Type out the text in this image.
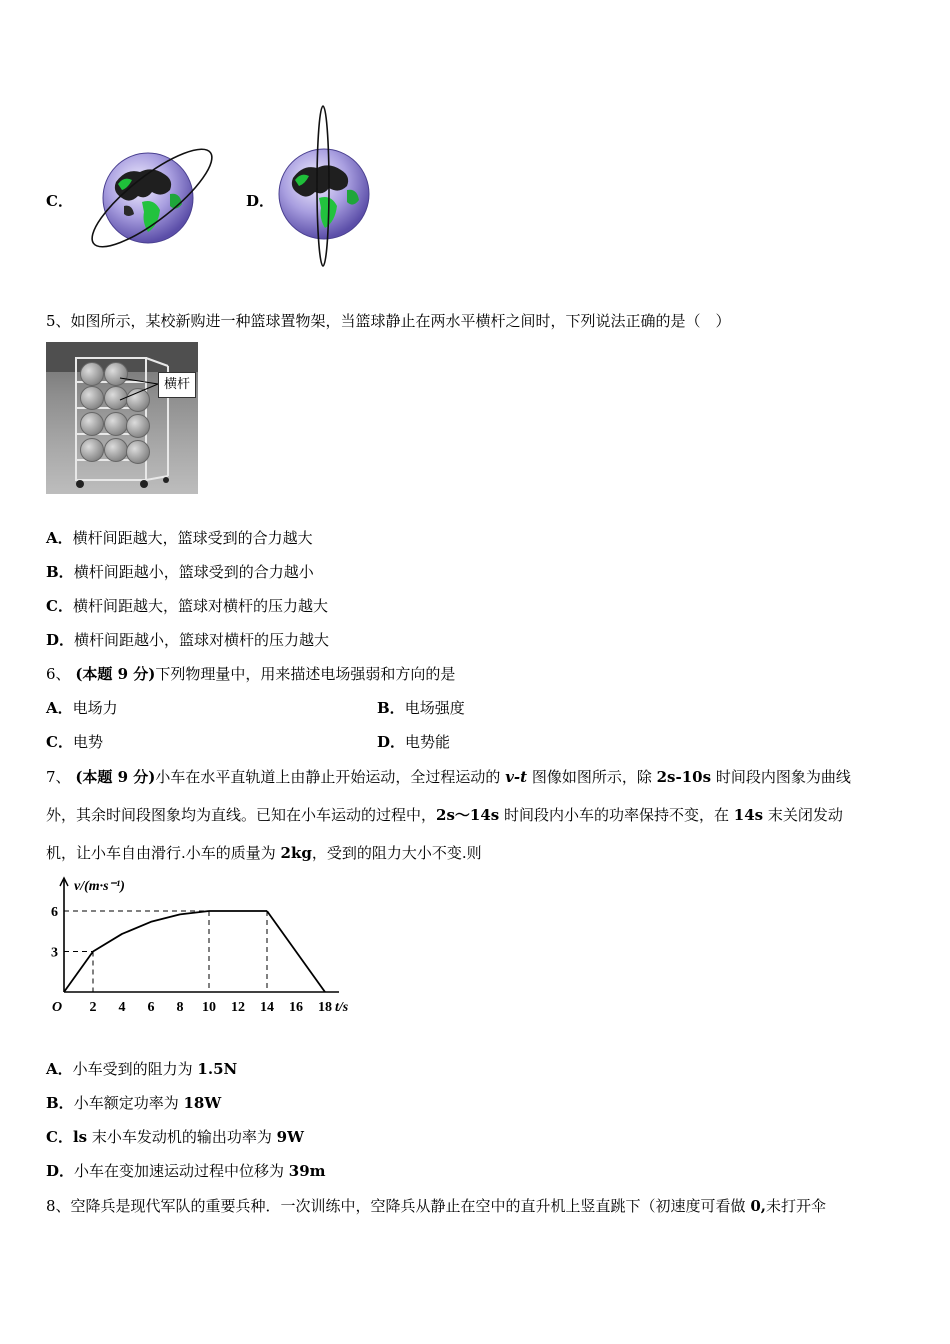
C．	D．
5、如图所示，某校新购进一种篮球置物架，当篮球静止在两水平横杆之间时，下列说法正确的是（　）
横杆
A．横杆间距越大，篮球受到的合力越大
B．横杆间距越小，篮球受到的合力越小
C．横杆间距越大，篮球对横杆的压力越大
D．横杆间距越小，篮球对横杆的压力越大
6、 (本题 9 分)下列物理量中，用来描述电场强弱和方向的是
A．电场力	B．电场强度
C．电势	D．电势能
7、 (本题 9 分)小车在水平直轨道上由静止开始运动，全过程运动的 v-t 图像如图所示，除 2s-10s 时间段内图象为曲线
外，其余时间段图象均为直线。已知在小车运动的过程中，2s～14s 时间段内小车的功率保持不变，在 14s 末关闭发动
机，让小车自由滑行.小车的质量为 2kg，受到的阻力大小不变.则
v/(m·s⁻¹)
t/s
O 2 4 6 8 10 12 14 16 18
3
6
A．小车受到的阻力为 1.5N
B．小车额定功率为 18W
C．ls 末小车发动机的输出功率为 9W
D．小车在变加速运动过程中位移为 39m
8、空降兵是现代军队的重要兵种．一次训练中，空降兵从静止在空中的直升机上竖直跳下（初速度可看做 0,未打开伞
